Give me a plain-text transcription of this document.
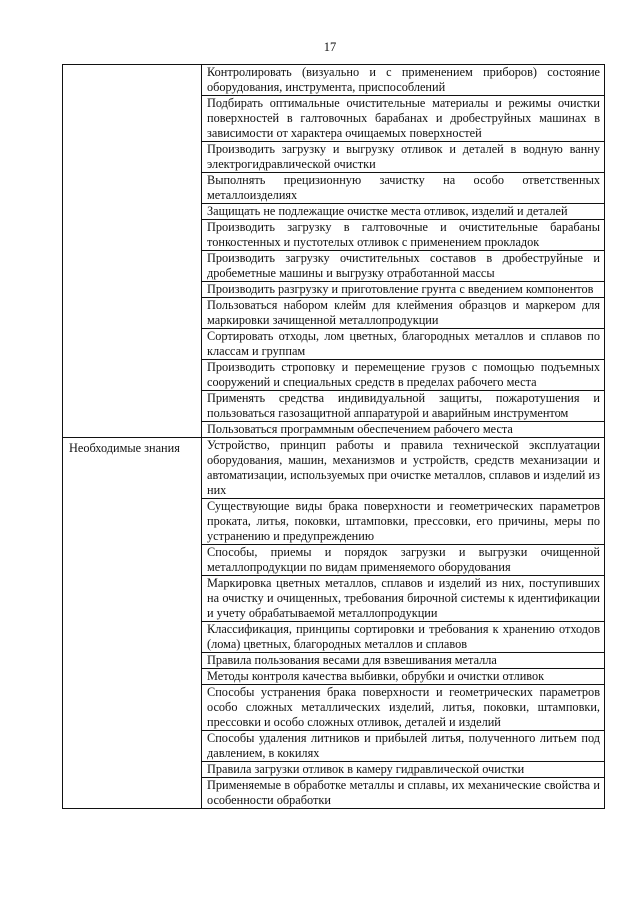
17
	Контролировать (визуально и с применением приборов) состояние оборудования, инструмента, приспособлений
	Подбирать оптимальные очистительные материалы и режимы очистки поверхностей в галтовочных барабанах и дробеструйных машинах в зависимости от характера очищаемых поверхностей
	Производить загрузку и выгрузку отливок и деталей в водную ванну электрогидравлической очистки
	Выполнять прецизионную зачистку на особо ответственных металлоизделиях
	Защищать не подлежащие очистке места отливок, изделий и деталей
	Производить загрузку в галтовочные и очистительные барабаны тонкостенных и пустотелых отливок с применением прокладок
	Производить загрузку очистительных составов в дробеструйные и дробеметные машины и выгрузку отработанной массы
	Производить разгрузку и приготовление грунта с введением компонентов
	Пользоваться набором клейм для клеймения образцов и маркером для маркировки зачищенной металлопродукции
	Сортировать отходы, лом цветных, благородных металлов и сплавов по классам и группам
	Производить строповку и перемещение грузов с помощью подъемных сооружений и специальных средств в пределах рабочего места
	Применять средства индивидуальной защиты, пожаротушения и пользоваться газозащитной аппаратурой и аварийным инструментом
	Пользоваться программным обеспечением рабочего места
Необходимые знания	Устройство, принцип работы и правила технической эксплуатации оборудования, машин, механизмов и устройств, средств механизации и автоматизации, используемых при очистке металлов, сплавов и изделий из них
	Существующие виды брака поверхности и геометрических параметров проката, литья, поковки, штамповки, прессовки, его причины, меры по устранению и предупреждению
	Способы, приемы и порядок загрузки и выгрузки очищенной металлопродукции по видам применяемого оборудования
	Маркировка цветных металлов, сплавов и изделий из них, поступивших на очистку и очищенных, требования бирочной системы к идентификации и учету обрабатываемой металлопродукции
	Классификация, принципы сортировки и требования к хранению отходов (лома) цветных, благородных металлов и сплавов
	Правила пользования весами для взвешивания металла
	Методы контроля качества выбивки, обрубки и очистки отливок
	Способы устранения брака поверхности и геометрических параметров особо сложных металлических изделий, литья, поковки, штамповки, прессовки и особо сложных отливок, деталей и изделий
	Способы удаления литников и прибылей литья, полученного литьем под давлением, в кокилях
	Правила загрузки отливок в камеру гидравлической очистки
	Применяемые в обработке металлы и сплавы, их механические свойства и особенности обработки
